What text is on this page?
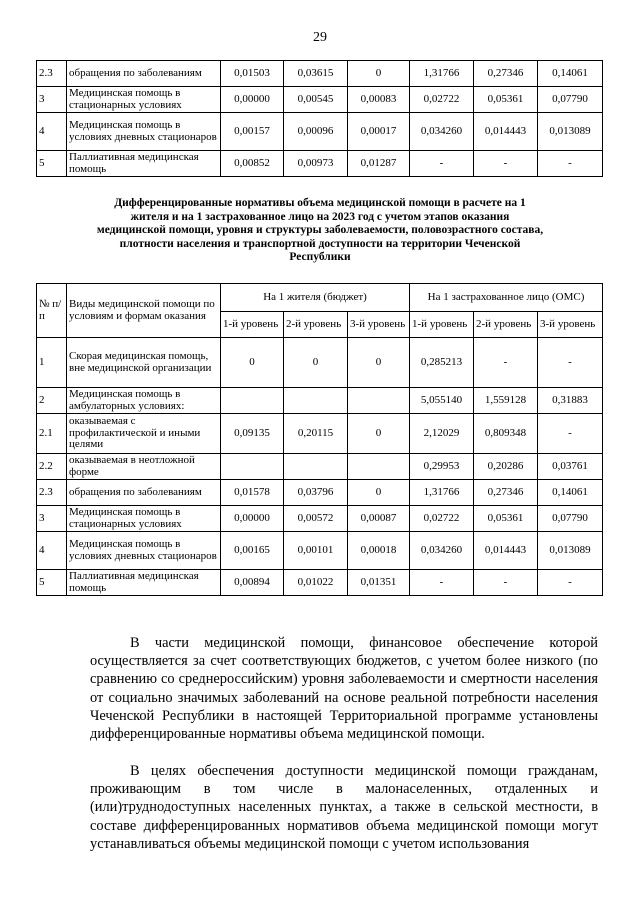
29
2.3	обращения по заболеваниям	0,01503	0,03615	0	1,31766	0,27346	0,14061
3	Медицинская помощь в стационарных условиях	0,00000	0,00545	0,00083	0,02722	0,05361	0,07790
4	Медицинская помощь в условиях дневных стационаров	0,00157	0,00096	0,00017	0,034260	0,014443	0,013089
5	Паллиативная медицинская помощь	0,00852	0,00973	0,01287	-	-	-
Дифференцированные нормативы объема медицинской помощи в расчете на 1 жителя и на 1 застрахованное лицо на 2023 год с учетом этапов оказания медицинской помощи, уровня и структуры заболеваемости, половозрастного состава, плотности населения и транспортной доступности на территории Чеченской Республики
№ п/ п	Виды медицинской помощи по условиям и формам оказания	На 1 жителя (бюджет)			На 1 застрахованное лицо (ОМС)		
		1-й уровень	2-й уровень	3-й уровень	1-й уровень	2-й уровень	3-й уровень
1	Скорая медицинская помощь, вне медицинской организации	0	0	0	0,285213	-	-
2	Медицинская помощь в амбулаторных условиях:				5,055140	1,559128	0,31883
2.1	оказываемая с профилактической и иными целями	0,09135	0,20115	0	2,12029	0,809348	-
2.2	оказываемая в неотложной форме				0,29953	0,20286	0,03761
2.3	обращения по заболеваниям	0,01578	0,03796	0	1,31766	0,27346	0,14061
3	Медицинская помощь в стационарных условиях	0,00000	0,00572	0,00087	0,02722	0,05361	0,07790
4	Медицинская помощь в условиях дневных стационаров	0,00165	0,00101	0,00018	0,034260	0,014443	0,013089
5	Паллиативная медицинская помощь	0,00894	0,01022	0,01351	-	-	-

В части медицинской помощи, финансовое обеспечение которой осуществляется за счет соответствующих бюджетов, с учетом более низкого (по сравнению со среднероссийским) уровня заболеваемости и смертности населения от социально значимых заболеваний на основе реальной потребности населения Чеченской Республики в настоящей Территориальной программе установлены дифференцированные нормативы объема медицинской помощи.

В целях обеспечения доступности медицинской помощи гражданам, проживающим в том числе в малонаселенных, отдаленных и (или)труднодоступных населенных пунктах, а также в сельской местности, в составе дифференцированных нормативов объема медицинской помощи могут устанавливаться объемы медицинской помощи с учетом использования
